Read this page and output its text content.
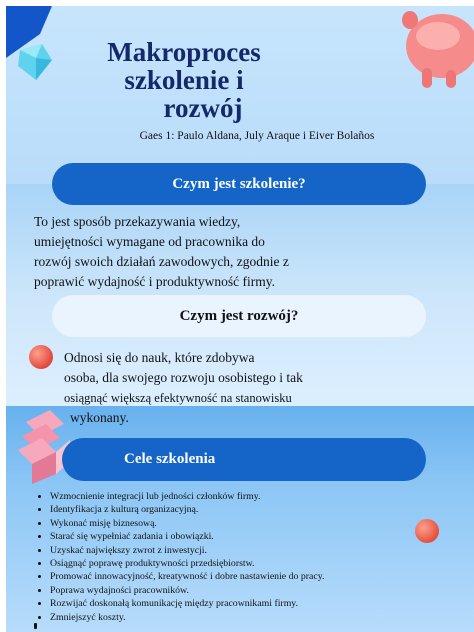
Makroproces
szkolenie i
rozwój
Gaes 1: Paulo Aldana, July Araque i Eiver Bolaños
Czym jest szkolenie?
To jest sposób przekazywania wiedzy,
umiejętności wymagane od pracownika do
rozwój swoich działań zawodowych, zgodnie z
poprawić wydajność i produktywność firmy.
Czym jest rozwój?
Odnosi się do nauk, które zdobywa
osoba, dla swojego rozwoju osobistego i tak
osiągnąć większą efektywność na stanowisku
wykonany.
Cele szkolenia
• Wzmocnienie integracji lub jedności członków firmy.
• Identyfikacja z kulturą organizacyjną.
• Wykonać misję biznesową.
• Starać się wypełniać zadania i obowiązki.
• Uzyskać największy zwrot z inwestycji.
• Osiągnąć poprawę produktywności przedsiębiorstw.
• Promować innowacyjność, kreatywność i dobre nastawienie do pracy.
• Poprawa wydajności pracowników.
• Rozwijać doskonałą komunikację między pracownikami firmy.
• Zmniejszyć koszty.
